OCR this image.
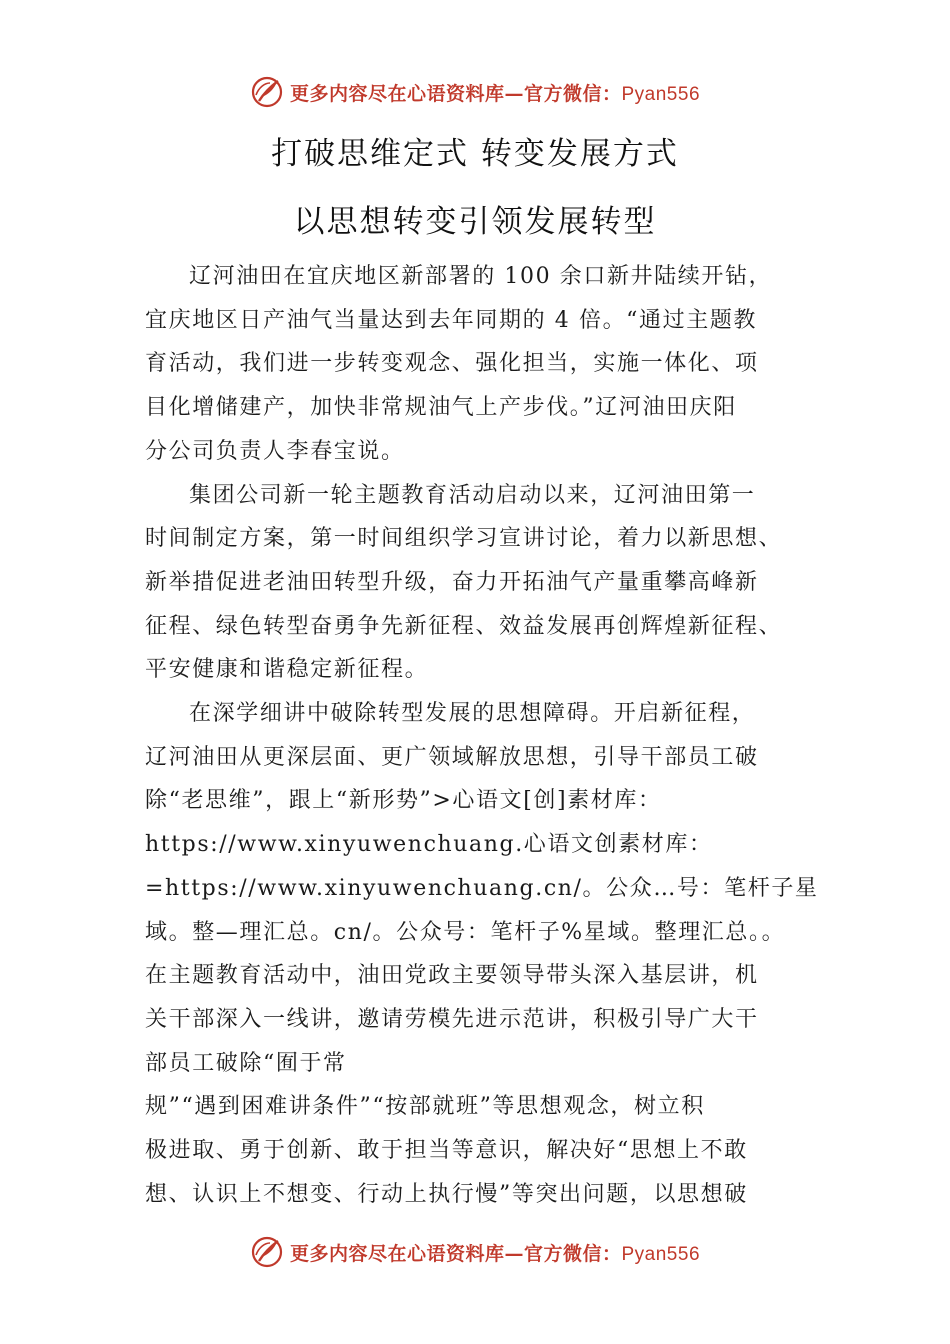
更多内容尽在心语资料库—官方微信：Pyan556
打破思维定式 转变发展方式
以思想转变引领发展转型
辽河油田在宜庆地区新部署的 100 余口新井陆续开钻，
宜庆地区日产油气当量达到去年同期的 4 倍。“通过主题教
育活动，我们进一步转变观念、强化担当，实施一体化、项
目化增储建产，加快非常规油气上产步伐。”辽河油田庆阳
分公司负责人李春宝说。
集团公司新一轮主题教育活动启动以来，辽河油田第一
时间制定方案，第一时间组织学习宣讲讨论，着力以新思想、
新举措促进老油田转型升级，奋力开拓油气产量重攀高峰新
征程、绿色转型奋勇争先新征程、效益发展再创辉煌新征程、
平安健康和谐稳定新征程。
在深学细讲中破除转型发展的思想障碍。开启新征程，
辽河油田从更深层面、更广领域解放思想，引导干部员工破
除“老思维”，跟上“新形势”>心语文[创]素材库：
https://www.xinyuwenchuang.心语文创素材库：
=https://www.xinyuwenchuang.cn/。公众…号：笔杆子星
域。整—理汇总。cn/。公众号：笔杆子%星域。整理汇总。。
在主题教育活动中，油田党政主要领导带头深入基层讲，机
关干部深入一线讲，邀请劳模先进示范讲，积极引导广大干
部员工破除“囿于常
规”“遇到困难讲条件”“按部就班”等思想观念，树立积
极进取、勇于创新、敢于担当等意识，解决好“思想上不敢
想、认识上不想变、行动上执行慢”等突出问题，以思想破
更多内容尽在心语资料库—官方微信：Pyan556
